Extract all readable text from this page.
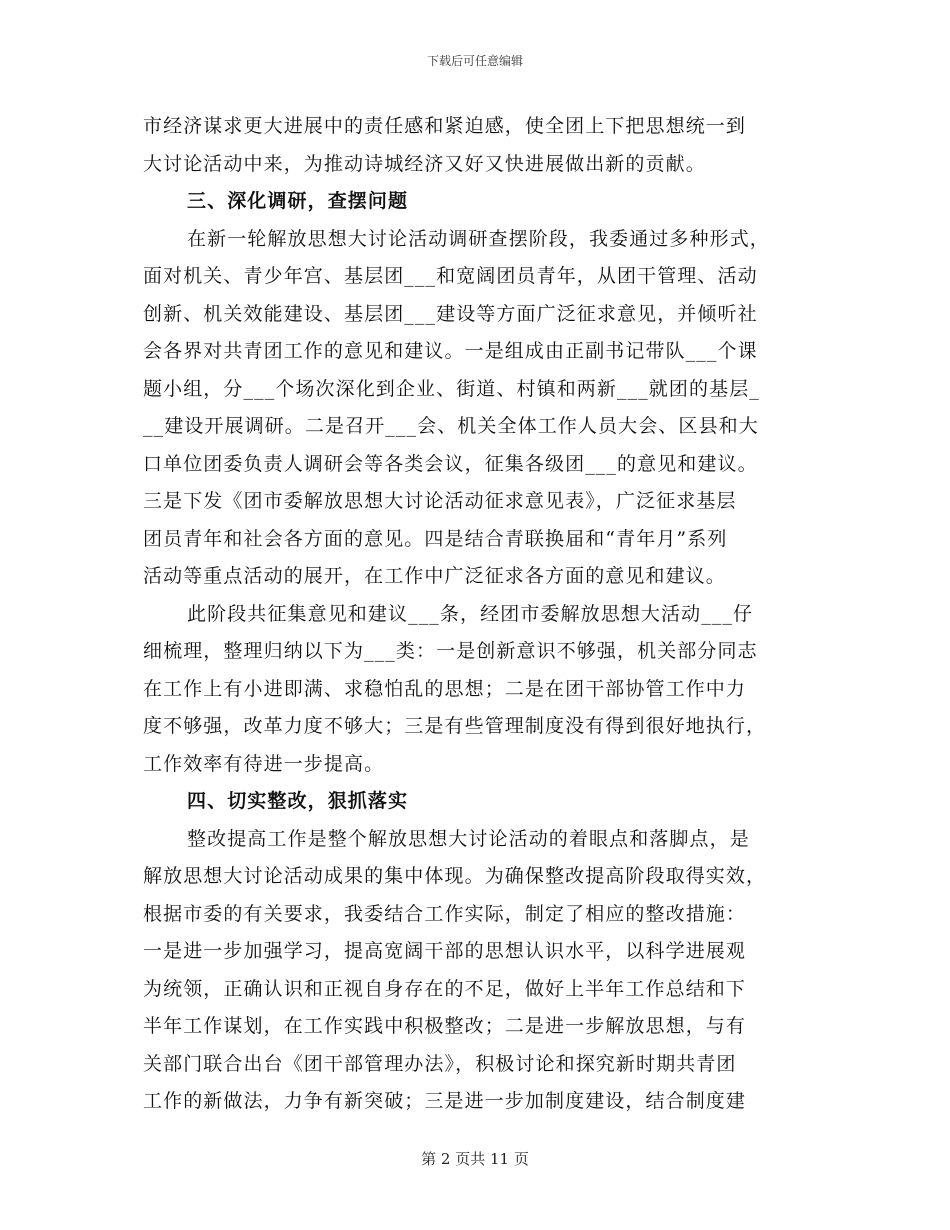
下载后可任意编辑
市经济谋求更大进展中的责任感和紧迫感，使全团上下把思想统一到
大讨论活动中来，为推动诗城经济又好又快进展做出新的贡献。
三、深化调研，查摆问题
在新一轮解放思想大讨论活动调研查摆阶段，我委通过多种形式，
面对机关、青少年宫、基层团___和宽阔团员青年，从团干管理、活动
创新、机关效能建设、基层团___建设等方面广泛征求意见，并倾听社
会各界对共青团工作的意见和建议。一是组成由正副书记带队___个课
题小组，分___个场次深化到企业、街道、村镇和两新___就团的基层_
__建设开展调研。二是召开___会、机关全体工作人员大会、区县和大
口单位团委负责人调研会等各类会议，征集各级团___的意见和建议。
三是下发《团市委解放思想大讨论活动征求意见表》，广泛征求基层
团员青年和社会各方面的意见。四是结合青联换届和“青年月”系列
活动等重点活动的展开，在工作中广泛征求各方面的意见和建议。
此阶段共征集意见和建议___条，经团市委解放思想大活动___仔
细梳理，整理归纳以下为___类：一是创新意识不够强，机关部分同志
在工作上有小进即满、求稳怕乱的思想；二是在团干部协管工作中力
度不够强，改革力度不够大；三是有些管理制度没有得到很好地执行，
工作效率有待进一步提高。
四、切实整改，狠抓落实
整改提高工作是整个解放思想大讨论活动的着眼点和落脚点，是
解放思想大讨论活动成果的集中体现。为确保整改提高阶段取得实效，
根据市委的有关要求，我委结合工作实际，制定了相应的整改措施：
一是进一步加强学习，提高宽阔干部的思想认识水平，以科学进展观
为统领，正确认识和正视自身存在的不足，做好上半年工作总结和下
半年工作谋划，在工作实践中积极整改；二是进一步解放思想，与有
关部门联合出台《团干部管理办法》，积极讨论和探究新时期共青团
工作的新做法，力争有新突破；三是进一步加制度建设，结合制度建
第 2 页共 11 页
